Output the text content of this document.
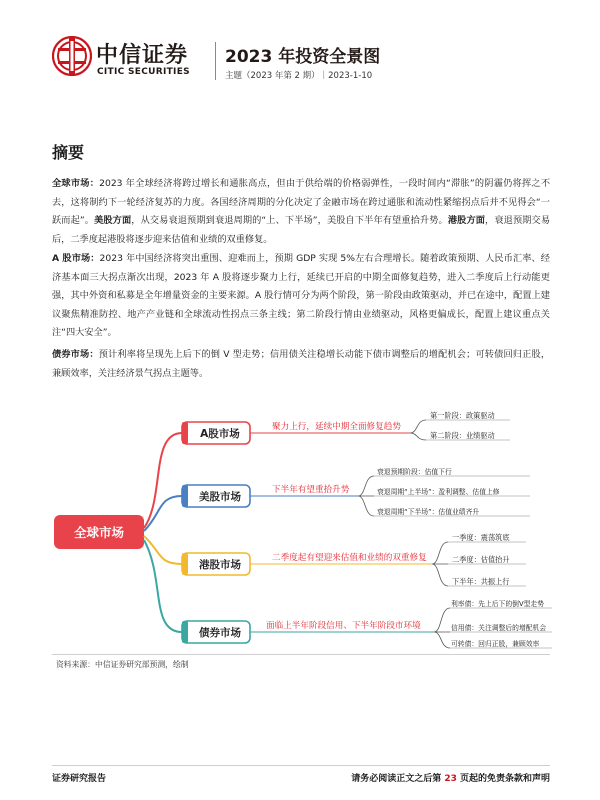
中信证券
CITIC SECURITIES
2023 年投资全景图
主题（2023 年第 2 期）｜2023-1-10
摘要
全球市场：2023 年全球经济将跨过增长和通胀高点，但由于供给端的价格弱弹性，一段时间内“滞胀”的阴霾仍将挥之不去，这将制约下一轮经济复苏的力度。各国经济周期的分化决定了金融市场在跨过通胀和流动性紧缩拐点后并不见得会“一跃而起”。美股方面，从交易衰退预期到衰退周期的“上、下半场”，美股自下半年有望重拾升势。港股方面，衰退预期交易后，二季度起港股将逐步迎来估值和业绩的双重修复。
A 股市场：2023 年中国经济将突出重围、迎难而上，预期 GDP 实现 5%左右合理增长。随着政策预期、人民币汇率、经济基本面三大拐点渐次出现，2023 年 A 股将逐步聚力上行，延续已开启的中期全面修复趋势，进入二季度后上行动能更强，其中外资和私募是全年增量资金的主要来源。A 股行情可分为两个阶段，第一阶段由政策驱动，并已在途中，配置上建议聚焦精准防控、地产产业链和全球流动性拐点三条主线；第二阶段行情由业绩驱动，风格更偏成长，配置上建议重点关注“四大安全”。
债券市场：预计利率将呈现先上后下的倒 V 型走势；信用债关注稳增长动能下债市调整后的增配机会；可转债回归正股，兼顾效率，关注经济景气拐点主题等。
全球市场
A股市场
聚力上行，延续中期全面修复趋势
第一阶段：政策驱动
第二阶段：业绩驱动
美股市场
下半年有望重拾升势
衰退预期阶段：估值下行
衰退周期“上半场”：盈利调整、估值上修
衰退周期“下半场”：估值业绩齐升
港股市场
二季度起有望迎来估值和业绩的双重修复
一季度：震荡筑底
二季度：估值抬升
下半年：共振上行
债券市场
面临上半年阶段信用、下半年阶段市环境
利率债：先上后下的倒V型走势
信用债：关注调整后的增配机会
可转债：回归正股，兼顾效率
资料来源：中信证券研究部预测，绘制
证券研究报告	请务必阅读正文之后第 23 页起的免责条款和声明
